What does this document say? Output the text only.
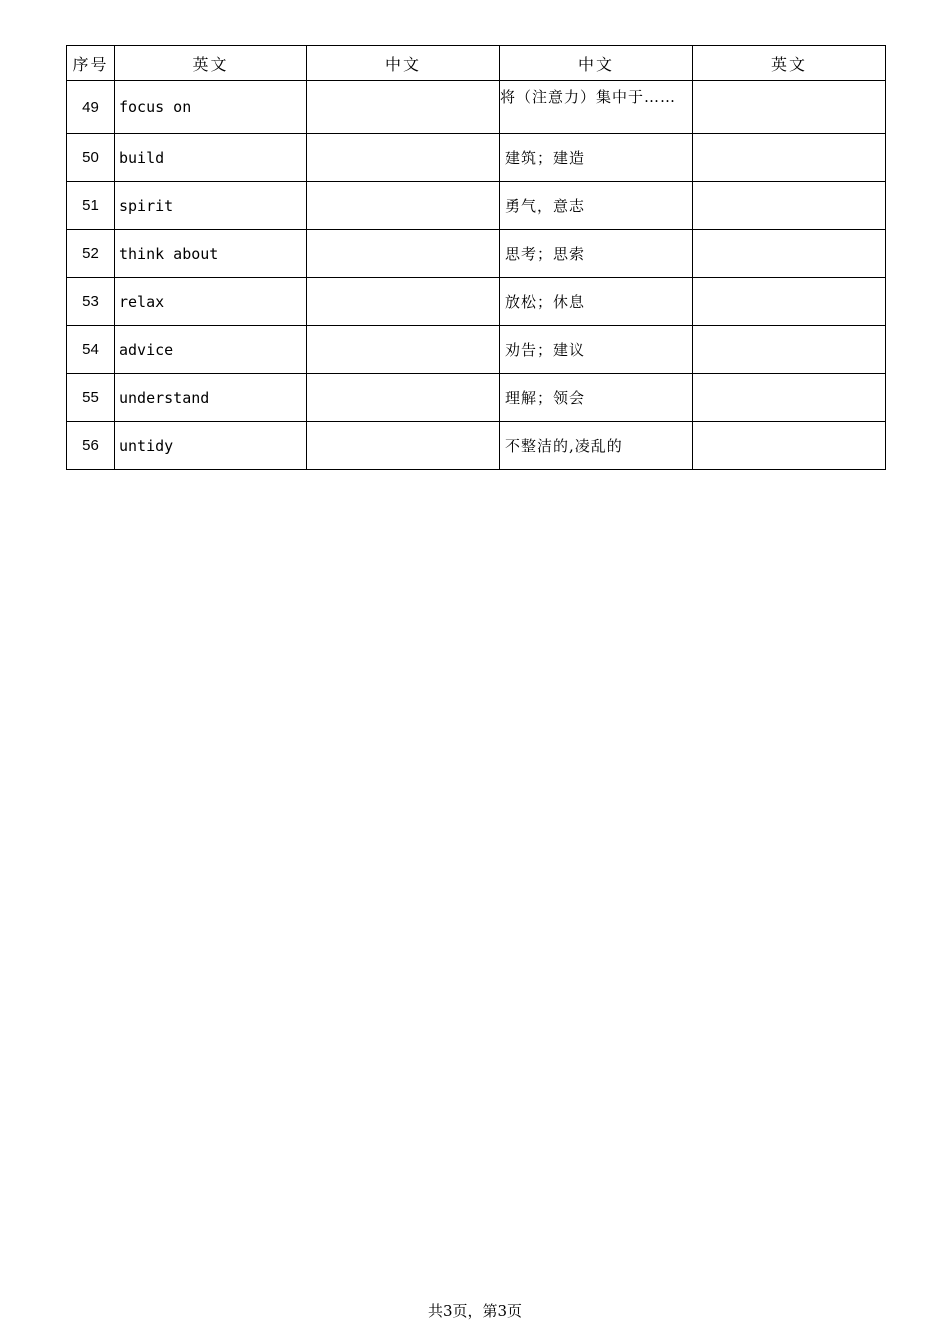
序号	英文	中文	中文	英文
49	focus on		将（注意力）集中于……	
50	build		建筑；建造	
51	spirit		勇气，意志	
52	think about		思考；思索	
53	relax		放松；休息	
54	advice		劝告；建议	
55	understand		理解；领会	
56	untidy		不整洁的,凌乱的	
共3页，第3页
